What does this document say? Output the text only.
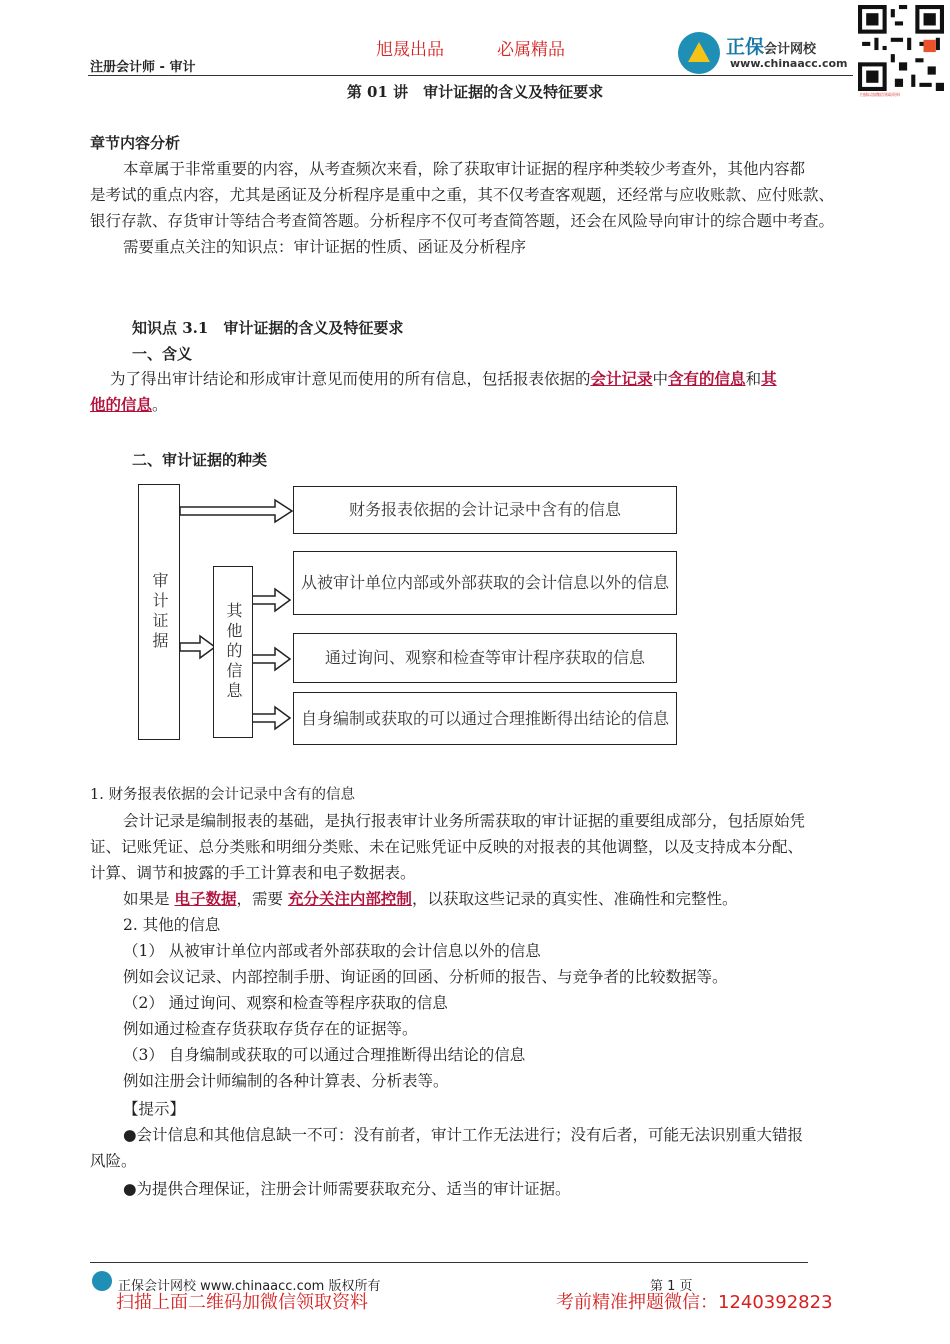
旭晟出品	必属精品
注册会计师 - 审计
正保会计网校
www.chinaacc.com
扫描以加微信领取资料
第 01 讲　审计证据的含义及特征要求
章节内容分析
本章属于非常重要的内容，从考查频次来看，除了获取审计证据的程序种类较少考查外，其他内容都
是考试的重点内容，尤其是函证及分析程序是重中之重，其不仅考查客观题，还经常与应收账款、应付账款、
银行存款、存货审计等结合考查简答题。分析程序不仅可考查简答题，还会在风险导向审计的综合题中考查。
需要重点关注的知识点：审计证据的性质、函证及分析程序
知识点 3.1　审计证据的含义及特征要求
一、含义
为了得出审计结论和形成审计意见而使用的所有信息，包括报表依据的会计记录中含有的信息和其
他的信息。
二、审计证据的种类
审计证据	其他的信息
财务报表依据的会计记录中含有的信息
从被审计单位内部或外部获取的会计信息以外的信息
通过询问、观察和检查等审计程序获取的信息
自身编制或获取的可以通过合理推断得出结论的信息
1. 财务报表依据的会计记录中含有的信息
会计记录是编制报表的基础，是执行报表审计业务所需获取的审计证据的重要组成部分，包括原始凭
证、记账凭证、总分类账和明细分类账、未在记账凭证中反映的对报表的其他调整，以及支持成本分配、
计算、调节和披露的手工计算表和电子数据表。
如果是 电子数据，需要 充分关注内部控制，以获取这些记录的真实性、准确性和完整性。
2. 其他的信息
（1） 从被审计单位内部或者外部获取的会计信息以外的信息
例如会议记录、内部控制手册、询证函的回函、分析师的报告、与竞争者的比较数据等。
（2） 通过询问、观察和检查等程序获取的信息
例如通过检查存货获取存货存在的证据等。
（3） 自身编制或获取的可以通过合理推断得出结论的信息
例如注册会计师编制的各种计算表、分析表等。
【提示】
●会计信息和其他信息缺一不可：没有前者，审计工作无法进行；没有后者，可能无法识别重大错报
风险。
●为提供合理保证，注册会计师需要获取充分、适当的审计证据。
正保会计网校 www.chinaacc.com 版权所有	第 1 页
扫描上面二维码加微信领取资料	考前精准押题微信：1240392823
